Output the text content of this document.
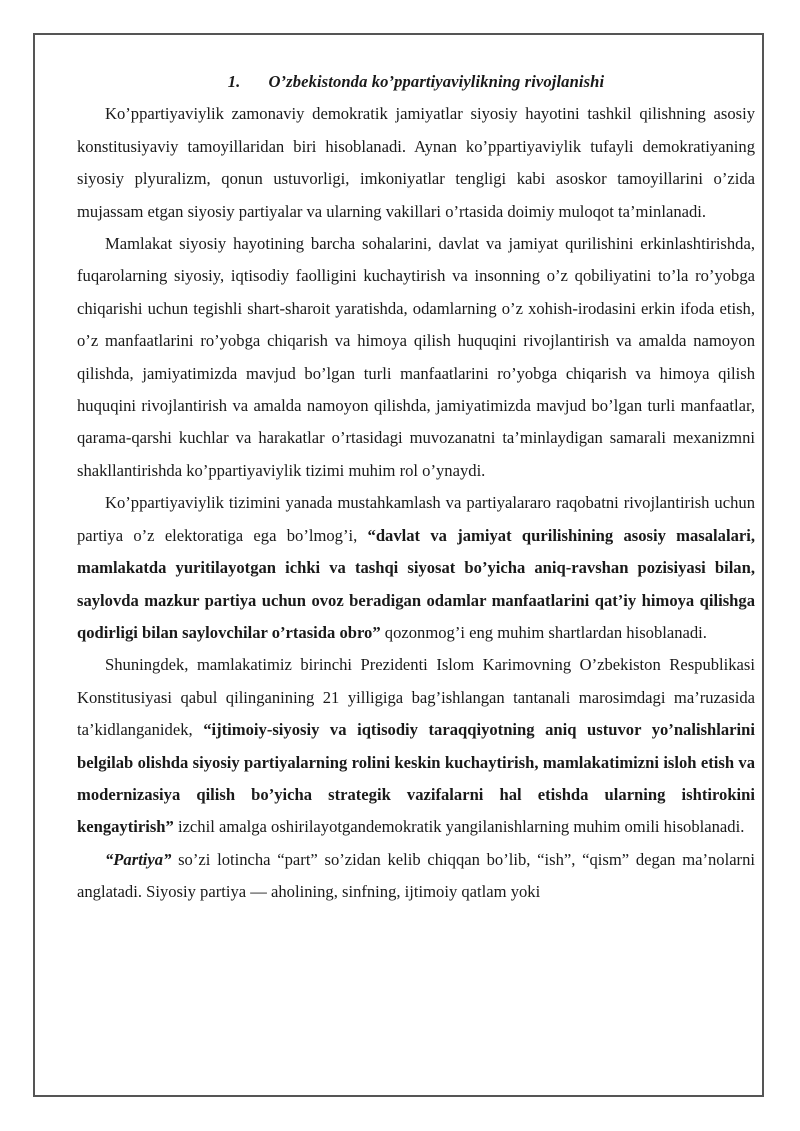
1. O’zbekistonda ko’ppartiyaviylikning rivojlanishi

Ko’ppartiyaviylik zamonaviy demokratik jamiyatlar siyosiy hayotini tashkil qilishning asosiy konstitusiyaviy tamoyillaridan biri hisoblanadi. Aynan ko’ppartiyaviylik tufayli demokratiyaning siyosiy plyuralizm, qonun ustuvorligi, imkoniyatlar tengligi kabi asoskor tamoyillarini o’zida mujassam etgan siyosiy partiyalar va ularning vakillari o’rtasida doimiy muloqot ta’minlanadi.

Mamlakat siyosiy hayotining barcha sohalarini, davlat va jamiyat qurilishini erkinlashtirishda, fuqarolarning siyosiy, iqtisodiy faolligini kuchaytirish va insonning o’z qobiliyatini to’la ro’yobga chiqarishi uchun tegishli shart-sharoit yaratishda, odamlarning o’z xohish-irodasini erkin ifoda etish, o’z manfaatlarini ro’yobga chiqarish va himoya qilish huquqini rivojlantirish va amalda namoyon qilishda, jamiyatimizda mavjud bo’lgan turli manfaatlarini ro’yobga chiqarish va himoya qilish huquqini rivojlantirish va amalda namoyon qilishda, jamiyatimizda mavjud bo’lgan turli manfaatlar, qarama-qarshi kuchlar va harakatlar o’rtasidagi muvozanatni ta’minlaydigan samarali mexanizmni shakllantirishda ko’ppartiyaviylik tizimi muhim rol o’ynaydi.

Ko’ppartiyaviylik tizimini yanada mustahkamlash va partiyalararo raqobatni rivojlantirish uchun partiya o’z elektoratiga ega bo’lmog’i, “davlat va jamiyat qurilishining asosiy masalalari, mamlakatda yuritilayotgan ichki va tashqi siyosat bo’yicha aniq-ravshan pozisiyasi bilan, saylovda mazkur partiya uchun ovoz beradigan odamlar manfaatlarini qat’iy himoya qilishga qodirligi bilan saylovchilar o’rtasida obro” qozonmog’i eng muhim shartlardan hisoblanadi.

Shuningdek, mamlakatimiz birinchi Prezidenti Islom Karimovning O’zbekiston Respublikasi Konstitusiyasi qabul qilinganining 21 yilligiga bag’ishlangan tantanali marosimdagi ma’ruzasida ta’kidlanganidek, “ijtimoiy-siyosiy va iqtisodiy taraqqiyotning aniq ustuvor yo’nalishlarini belgilab olishda siyosiy partiyalarning rolini keskin kuchaytirish, mamlakatimizni isloh etish va modernizasiya qilish bo’yicha strategik vazifalarni hal etishda ularning ishtirokini kengaytirish” izchil amalga oshirilayotgandemokratik yangilanishlarning muhim omili hisoblanadi.

“Partiya” so’zi lotincha “part” so’zidan kelib chiqqan bo’lib, “ish”, “qism” degan ma’nolarni anglatadi. Siyosiy partiya — aholining, sinfning, ijtimoiy qatlam yoki
